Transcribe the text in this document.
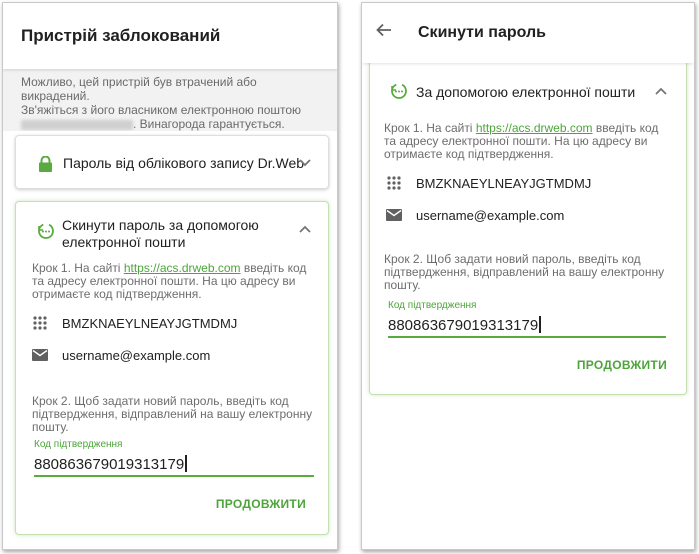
Пристрій заблокований
Можливо, цей пристрій був втрачений або викрадений.
Зв'яжіться з його власником електронною поштою
. Винагорода гарантується.
Пароль від облікового запису Dr.Web
Скинути пароль за допомогою
електронної пошти
Крок 1. На сайті https://acs.drweb.com введіть код
та адресу електронної пошти. На цю адресу ви
отримаєте код підтвердження.
BMZKNAEYLNEAYJGTMDMJ
username@example.com
Крок 2. Щоб задати новий пароль, введіть код
підтвердження, відправлений на вашу електронну
пошту.
Код підтвердження
880863679019313179
ПРОДОВЖИТИ
Скинути пароль
За допомогою електронної пошти
Крок 1. На сайті https://acs.drweb.com введіть код
та адресу електронної пошти. На цю адресу ви
отримаєте код підтвердження.
BMZKNAEYLNEAYJGTMDMJ
username@example.com
Крок 2. Щоб задати новий пароль, введіть код
підтвердження, відправлений на вашу електронну
пошту.
Код підтвердження
880863679019313179
ПРОДОВЖИТИ
